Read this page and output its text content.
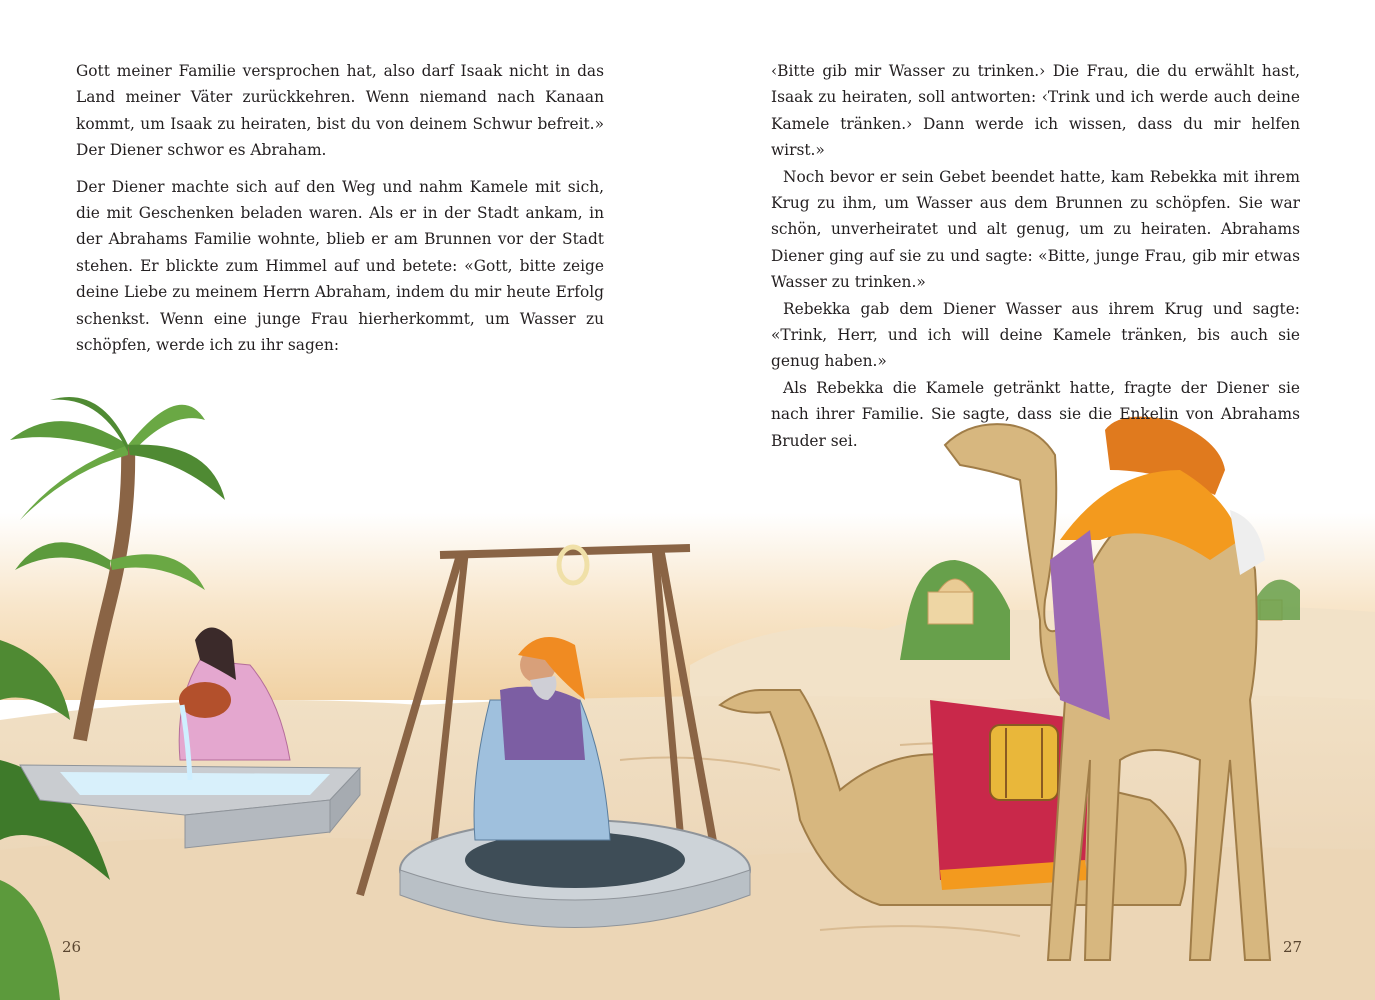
Gott meiner Familie versprochen hat, also darf Isaak nicht in das Land meiner Väter zurückkehren. Wenn niemand nach Kanaan kommt, um Isaak zu heiraten, bist du von deinem Schwur befreit.» Der Diener schwor es Abraham.

Der Diener machte sich auf den Weg und nahm Kamele mit sich, die mit Geschenken beladen waren. Als er in der Stadt ankam, in der Abrahams Familie wohnte, blieb er am Brunnen vor der Stadt stehen. Er blickte zum Himmel auf und betete: «Gott, bitte zeige deine Liebe zu meinem Herrn Abraham, indem du mir heute Erfolg schenkst. Wenn eine junge Frau hierherkommt, um Wasser zu schöpfen, werde ich zu ihr sagen:

‹Bitte gib mir Wasser zu trinken.› Die Frau, die du erwählt hast, Isaak zu heiraten, soll antworten: ‹Trink und ich werde auch deine Kamele tränken.› Dann werde ich wissen, dass du mir helfen wirst.»

Noch bevor er sein Gebet beendet hatte, kam Rebekka mit ihrem Krug zu ihm, um Wasser aus dem Brunnen zu schöpfen. Sie war schön, unverheiratet und alt genug, um zu heiraten. Abrahams Diener ging auf sie zu und sagte: «Bitte, junge Frau, gib mir etwas Wasser zu trinken.»

Rebekka gab dem Diener Wasser aus ihrem Krug und sagte: «Trink, Herr, und ich will deine Kamele tränken, bis auch sie genug haben.»

Als Rebekka die Kamele getränkt hatte, fragte der Diener sie nach ihrer Familie. Sie sagte, dass sie die Enkelin von Abrahams Bruder sei.

26	27
